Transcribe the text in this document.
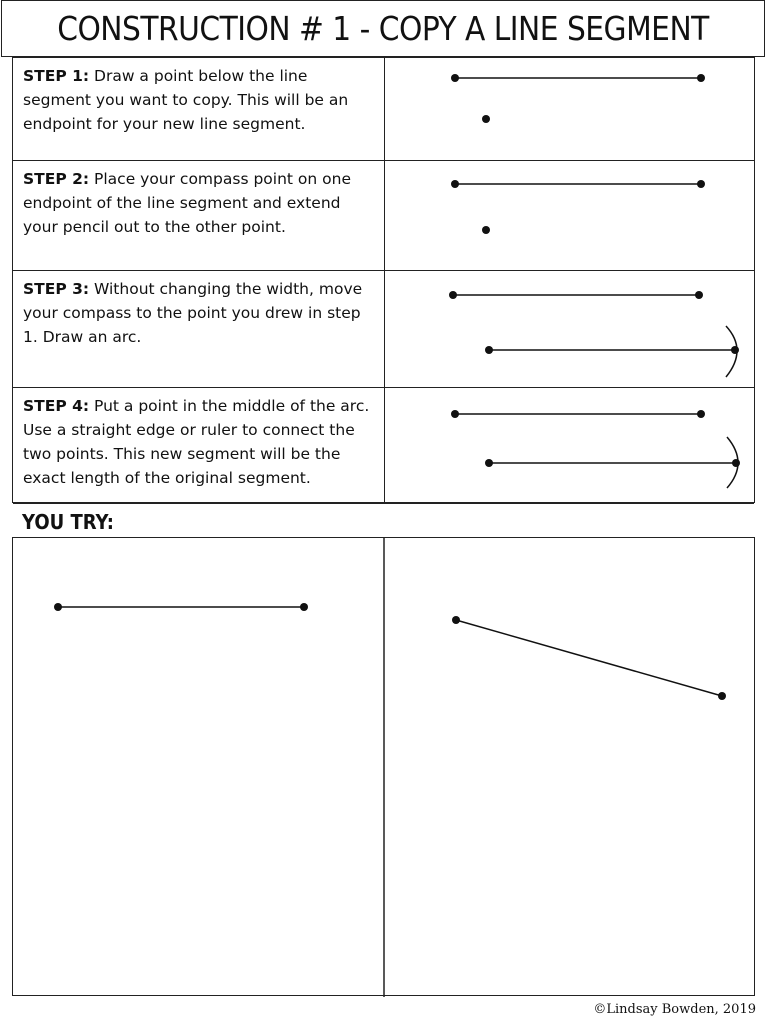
CONSTRUCTION # 1 - COPY A LINE SEGMENT
STEP 1: Draw a point below the line segment you want to copy. This will be an endpoint for your new line segment.
STEP 2: Place your compass point on one endpoint of the line segment and extend your pencil out to the other point.
STEP 3: Without changing the width, move your compass to the point you drew in step 1. Draw an arc.
STEP 4: Put a point in the middle of the arc. Use a straight edge or ruler to connect the two points. This new segment will be the exact length of the original segment.
YOU TRY:
©Lindsay Bowden, 2019
